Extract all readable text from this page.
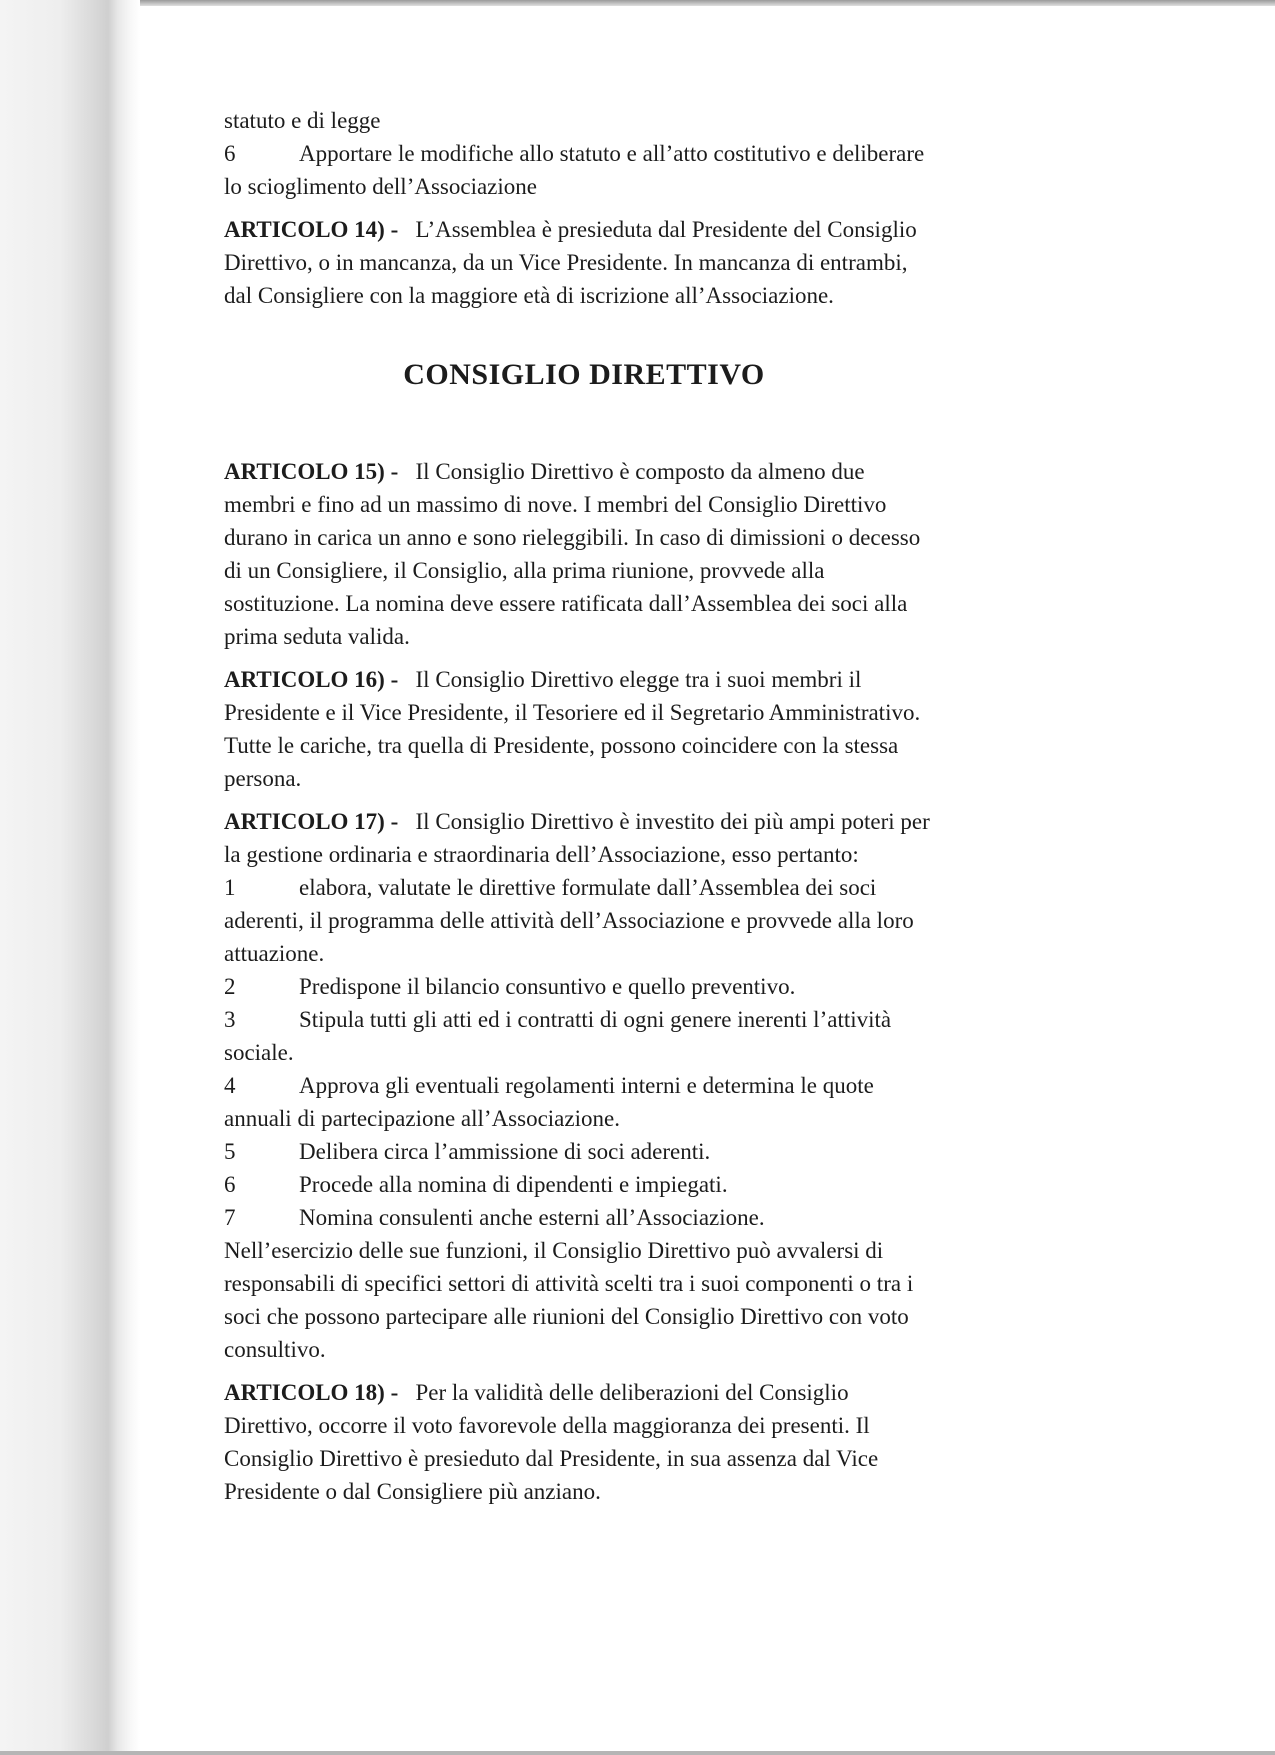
statuto e di legge

6	Apportare le modifiche allo statuto e all’atto costitutivo e deliberare lo scioglimento dell’Associazione

ARTICOLO 14) - L’Assemblea è presieduta dal Presidente del Consiglio Direttivo, o in mancanza, da un Vice Presidente. In mancanza di entrambi, dal Consigliere con la maggiore età di iscrizione all’Associazione.

CONSIGLIO DIRETTIVO

ARTICOLO 15) - Il Consiglio Direttivo è composto da almeno due membri e fino ad un massimo di nove. I membri del Consiglio Direttivo durano in carica un anno e sono rieleggibili. In caso di dimissioni o decesso di un Consigliere, il Consiglio, alla prima riunione, provvede alla sostituzione. La nomina deve essere ratificata dall’Assemblea dei soci alla prima seduta valida.

ARTICOLO 16) - Il Consiglio Direttivo elegge tra i suoi membri il Presidente e il Vice Presidente, il Tesoriere ed il Segretario Amministrativo. Tutte le cariche, tra quella di Presidente, possono coincidere con la stessa persona.

ARTICOLO 17) - Il Consiglio Direttivo è investito dei più ampi poteri per la gestione ordinaria e straordinaria dell’Associazione, esso pertanto:

1	elabora, valutate le direttive formulate dall’Assemblea dei soci aderenti, il programma delle attività dell’Associazione e provvede alla loro attuazione.

2	Predispone il bilancio consuntivo e quello preventivo.

3	Stipula tutti gli atti ed i contratti di ogni genere inerenti l’attività sociale.

4	Approva gli eventuali regolamenti interni e determina le quote annuali di partecipazione all’Associazione.

5	Delibera circa l’ammissione di soci aderenti.

6	Procede alla nomina di dipendenti e impiegati.

7	Nomina consulenti anche esterni all’Associazione.

Nell’esercizio delle sue funzioni, il Consiglio Direttivo può avvalersi di responsabili di specifici settori di attività scelti tra i suoi componenti o tra i soci che possono partecipare alle riunioni del Consiglio Direttivo con voto consultivo.

ARTICOLO 18) - Per la validità delle deliberazioni del Consiglio Direttivo, occorre il voto favorevole della maggioranza dei presenti. Il Consiglio Direttivo è presieduto dal Presidente, in sua assenza dal Vice Presidente o dal Consigliere più anziano.
